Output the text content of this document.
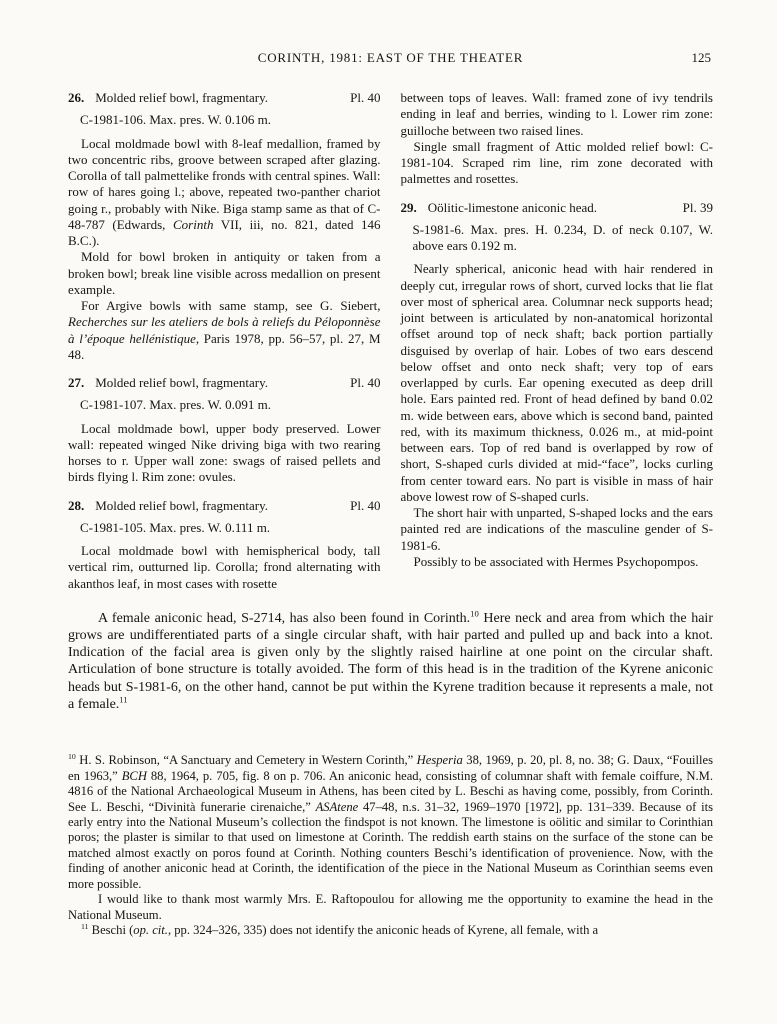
CORINTH, 1981: EAST OF THE THEATER	125
26. Molded relief bowl, fragmentary.	Pl. 40

C-1981-106. Max. pres. W. 0.106 m.

Local moldmade bowl with 8-leaf medallion, framed by two concentric ribs, groove between scraped after glazing. Corolla of tall palmettelike fronds with central spines. Wall: row of hares going l.; above, repeated two-panther chariot going r., probably with Nike. Biga stamp same as that of C-48-787 (Edwards, Corinth VII, iii, no. 821, dated 146 B.C.).

Mold for bowl broken in antiquity or taken from a broken bowl; break line visible across medallion on present example.

For Argive bowls with same stamp, see G. Siebert, Recherches sur les ateliers de bols à reliefs du Péloponnèse à l’époque hellénistique, Paris 1978, pp. 56–57, pl. 27, M 48.

27. Molded relief bowl, fragmentary.	Pl. 40

C-1981-107. Max. pres. W. 0.091 m.

Local moldmade bowl, upper body preserved. Lower wall: repeated winged Nike driving biga with two rearing horses to r. Upper wall zone: swags of raised pellets and birds flying l. Rim zone: ovules.

28. Molded relief bowl, fragmentary.	Pl. 40

C-1981-105. Max. pres. W. 0.111 m.

Local moldmade bowl with hemispherical body, tall vertical rim, outturned lip. Corolla; frond alternating with akanthos leaf, in most cases with rosette

between tops of leaves. Wall: framed zone of ivy tendrils ending in leaf and berries, winding to l. Lower rim zone: guilloche between two raised lines.

Single small fragment of Attic molded relief bowl: C-1981-104. Scraped rim line, rim zone decorated with palmettes and rosettes.

29. Oölitic-limestone aniconic head.	Pl. 39

S-1981-6. Max. pres. H. 0.234, D. of neck 0.107, W. above ears 0.192 m.

Nearly spherical, aniconic head with hair rendered in deeply cut, irregular rows of short, curved locks that lie flat over most of spherical area. Columnar neck supports head; joint between is articulated by non-anatomical horizontal offset around top of neck shaft; back portion partially disguised by overlap of hair. Lobes of two ears descend below offset and onto neck shaft; very top of ears overlapped by curls. Ear opening executed as deep drill hole. Ears painted red. Front of head defined by band 0.02 m. wide between ears, above which is second band, painted red, with its maximum thickness, 0.026 m., at mid-point between ears. Top of red band is overlapped by row of short, S-shaped curls divided at mid-“face”, locks curling from center toward ears. No part is visible in mass of hair above lowest row of S-shaped curls.

The short hair with unparted, S-shaped locks and the ears painted red are indications of the masculine gender of S-1981-6.

Possibly to be associated with Hermes Psychopompos.

A female aniconic head, S-2714, has also been found in Corinth.$^{10}$ Here neck and area from which the hair grows are undifferentiated parts of a single circular shaft, with hair parted and pulled up and back into a knot. Indication of the facial area is given only by the slightly raised hairline at one point on the circular shaft. Articulation of bone structure is totally avoided. The form of this head is in the tradition of the Kyrene aniconic heads but S-1981-6, on the other hand, cannot be put within the Kyrene tradition because it represents a male, not a female.$^{11}$

$^{10}$ H. S. Robinson, “A Sanctuary and Cemetery in Western Corinth,” Hesperia 38, 1969, p. 20, pl. 8, no. 38; G. Daux, “Fouilles en 1963,” BCH 88, 1964, p. 705, fig. 8 on p. 706. An aniconic head, consisting of columnar shaft with female coiffure, N.M. 4816 of the National Archaeological Museum in Athens, has been cited by L. Beschi as having come, possibly, from Corinth. See L. Beschi, “Divinità funerarie cirenaiche,” ASAtene 47–48, n.s. 31–32, 1969–1970 [1972], pp. 131–339. Because of its early entry into the National Museum’s collection the findspot is not known. The limestone is oölitic and similar to Corinthian poros; the plaster is similar to that used on limestone at Corinth. The reddish earth stains on the surface of the stone can be matched almost exactly on poros found at Corinth. Nothing counters Beschi’s identification of provenience. Now, with the finding of another aniconic head at Corinth, the identification of the piece in the National Museum as Corinthian seems even more possible.

I would like to thank most warmly Mrs. E. Raftopoulou for allowing me the opportunity to examine the head in the National Museum.

$^{11}$ Beschi (op. cit., pp. 324–326, 335) does not identify the aniconic heads of Kyrene, all female, with a
